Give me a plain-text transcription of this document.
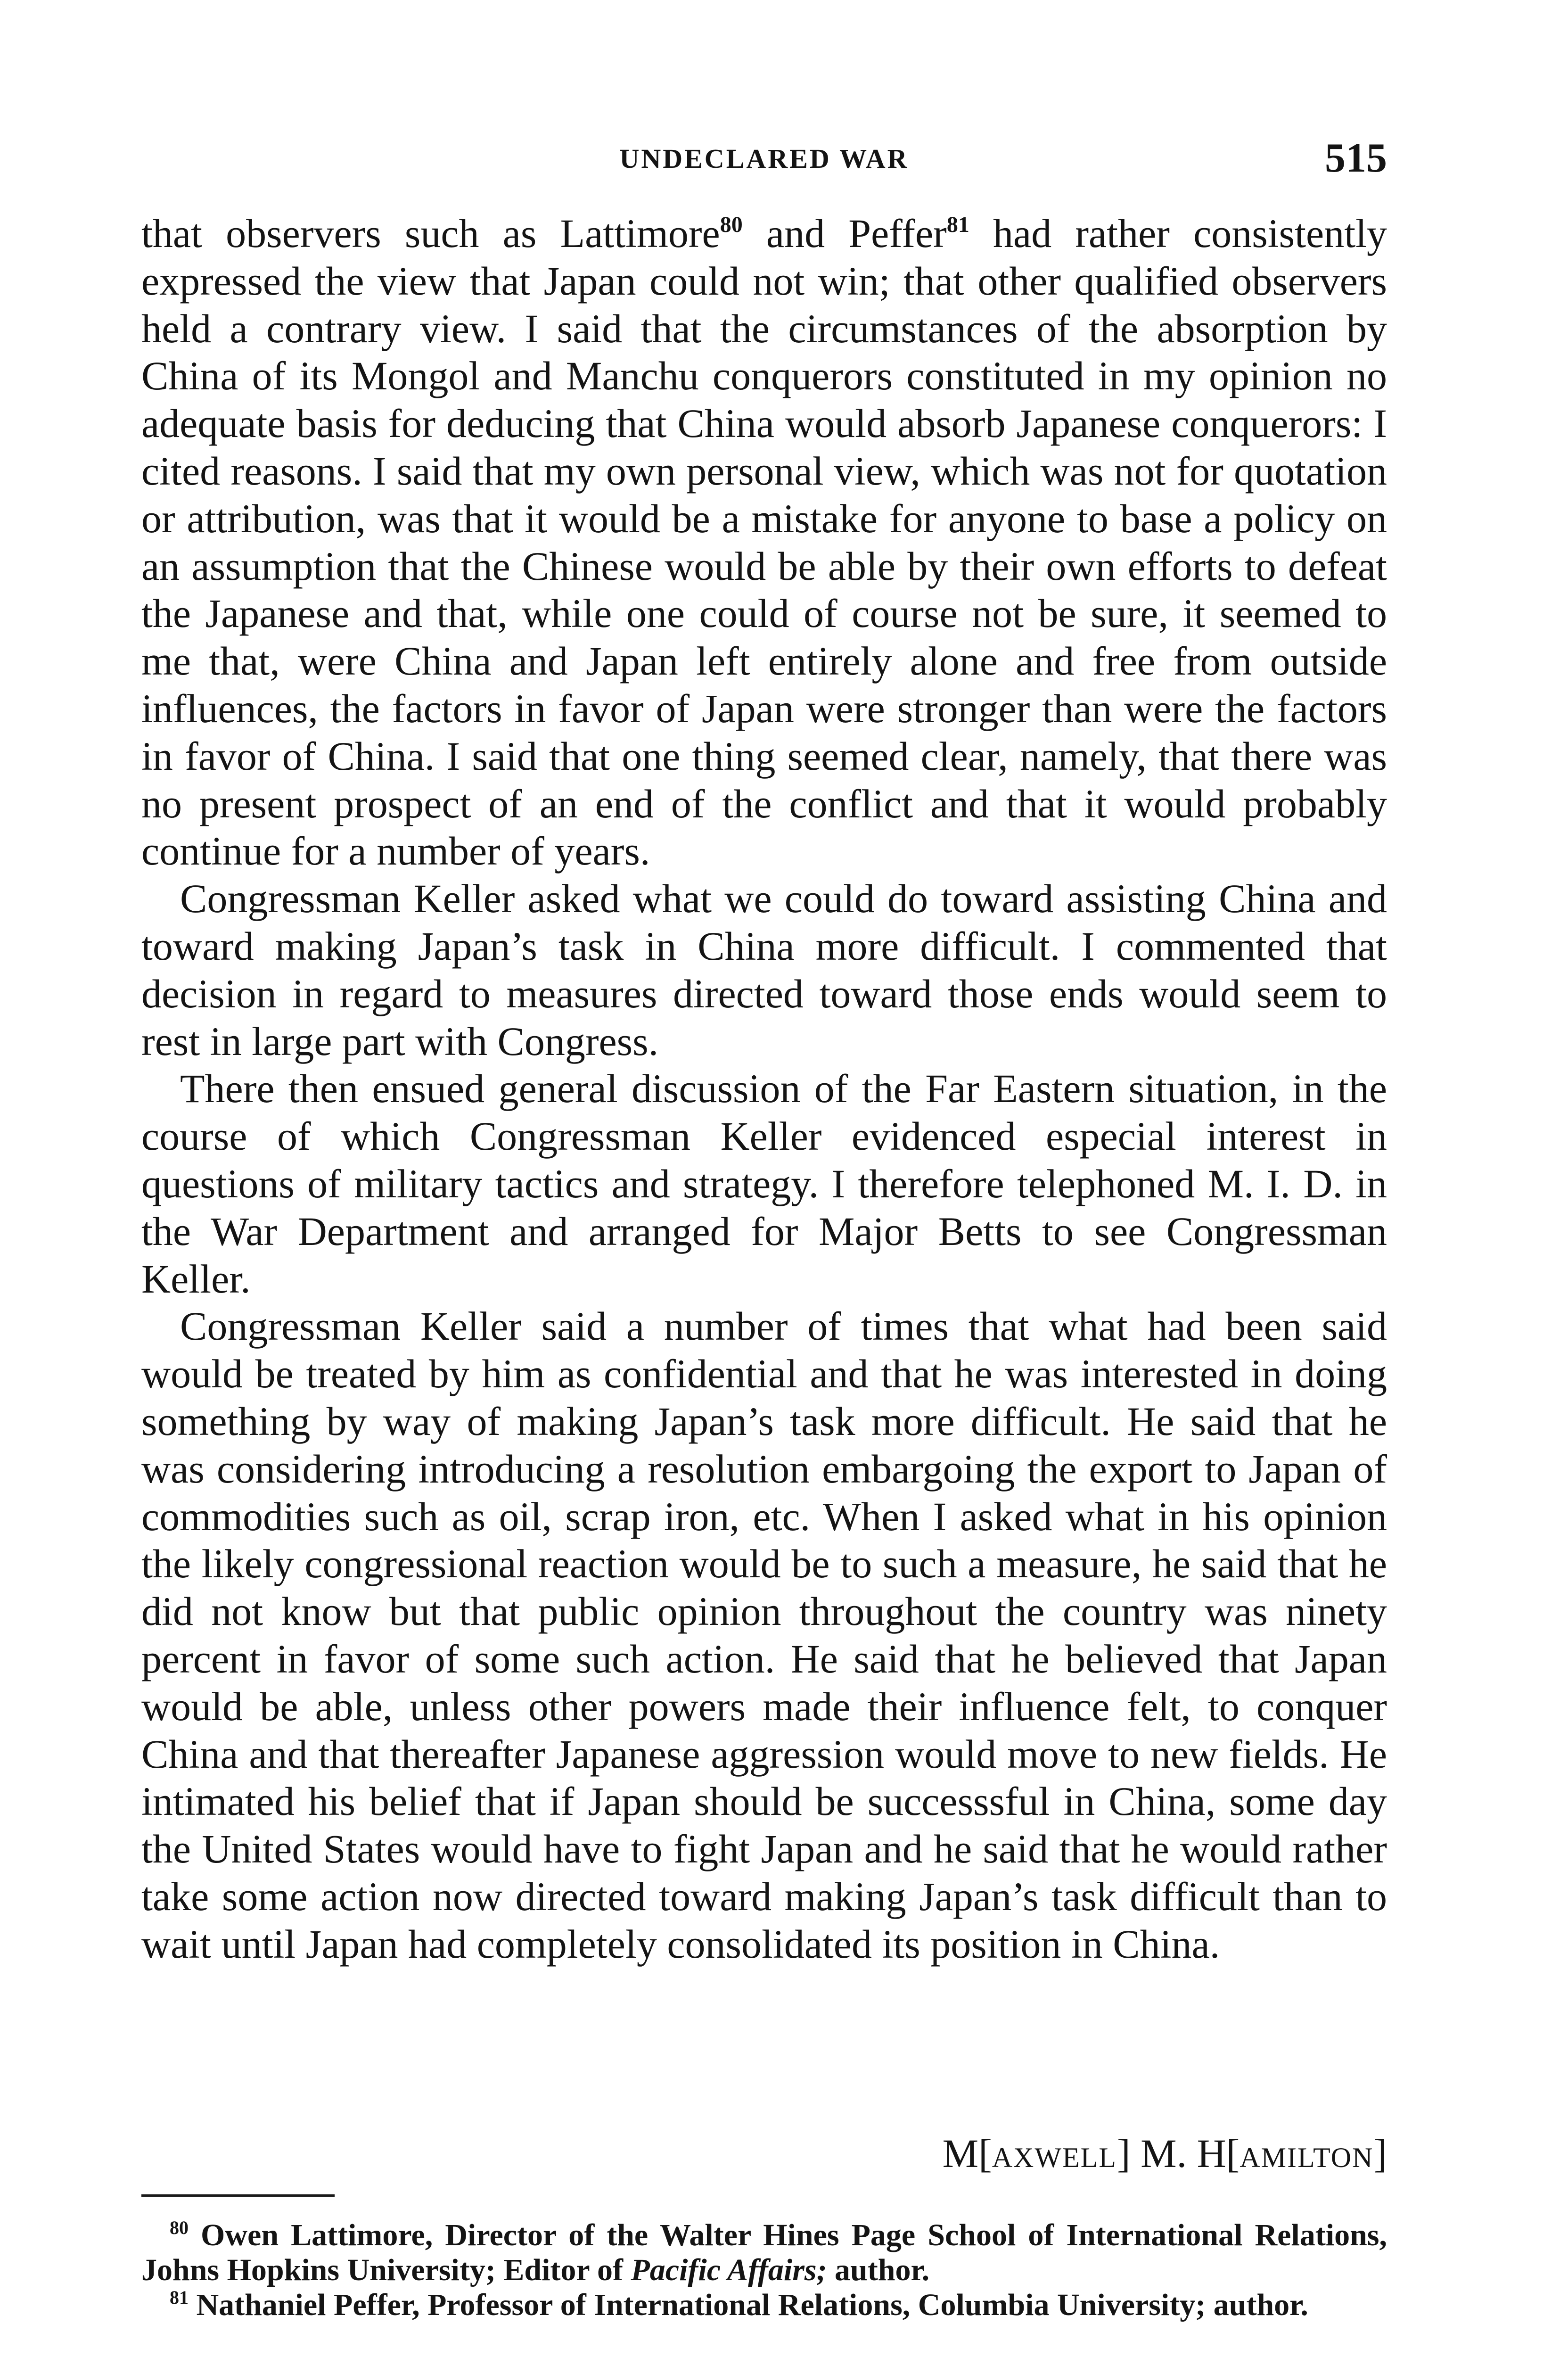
UNDECLARED WAR	515

that observers such as Lattimore$^{80}$ and Peffer$^{81}$ had rather consistently expressed the view that Japan could not win; that other qualified observers held a contrary view. I said that the circumstances of the absorption by China of its Mongol and Manchu conquerors constituted in my opinion no adequate basis for deducing that China would absorb Japanese conquerors: I cited reasons. I said that my own personal view, which was not for quotation or attribution, was that it would be a mistake for anyone to base a policy on an assumption that the Chinese would be able by their own efforts to defeat the Japanese and that, while one could of course not be sure, it seemed to me that, were China and Japan left entirely alone and free from outside influences, the factors in favor of Japan were stronger than were the factors in favor of China. I said that one thing seemed clear, namely, that there was no present prospect of an end of the conflict and that it would probably continue for a number of years.

Congressman Keller asked what we could do toward assisting China and toward making Japan’s task in China more difficult. I commented that decision in regard to measures directed toward those ends would seem to rest in large part with Congress.

There then ensued general discussion of the Far Eastern situation, in the course of which Congressman Keller evidenced especial interest in questions of military tactics and strategy. I therefore telephoned M. I. D. in the War Department and arranged for Major Betts to see Congressman Keller.

Congressman Keller said a number of times that what had been said would be treated by him as confidential and that he was interested in doing something by way of making Japan’s task more difficult. He said that he was considering introducing a resolution embargoing the export to Japan of commodities such as oil, scrap iron, etc. When I asked what in his opinion the likely congressional reaction would be to such a measure, he said that he did not know but that public opinion throughout the country was ninety percent in favor of some such action. He said that he believed that Japan would be able, unless other powers made their influence felt, to conquer China and that thereafter Japanese aggression would move to new fields. He intimated his belief that if Japan should be successsful in China, some day the United States would have to fight Japan and he said that he would rather take some action now directed toward making Japan’s task difficult than to wait until Japan had completely consolidated its position in China.

M[AXWELL] M. H[AMILTON]

$^{80}$ Owen Lattimore, Director of the Walter Hines Page School of International Relations, Johns Hopkins University; Editor of Pacific Affairs; author.

$^{81}$ Nathaniel Peffer, Professor of International Relations, Columbia University; author.
